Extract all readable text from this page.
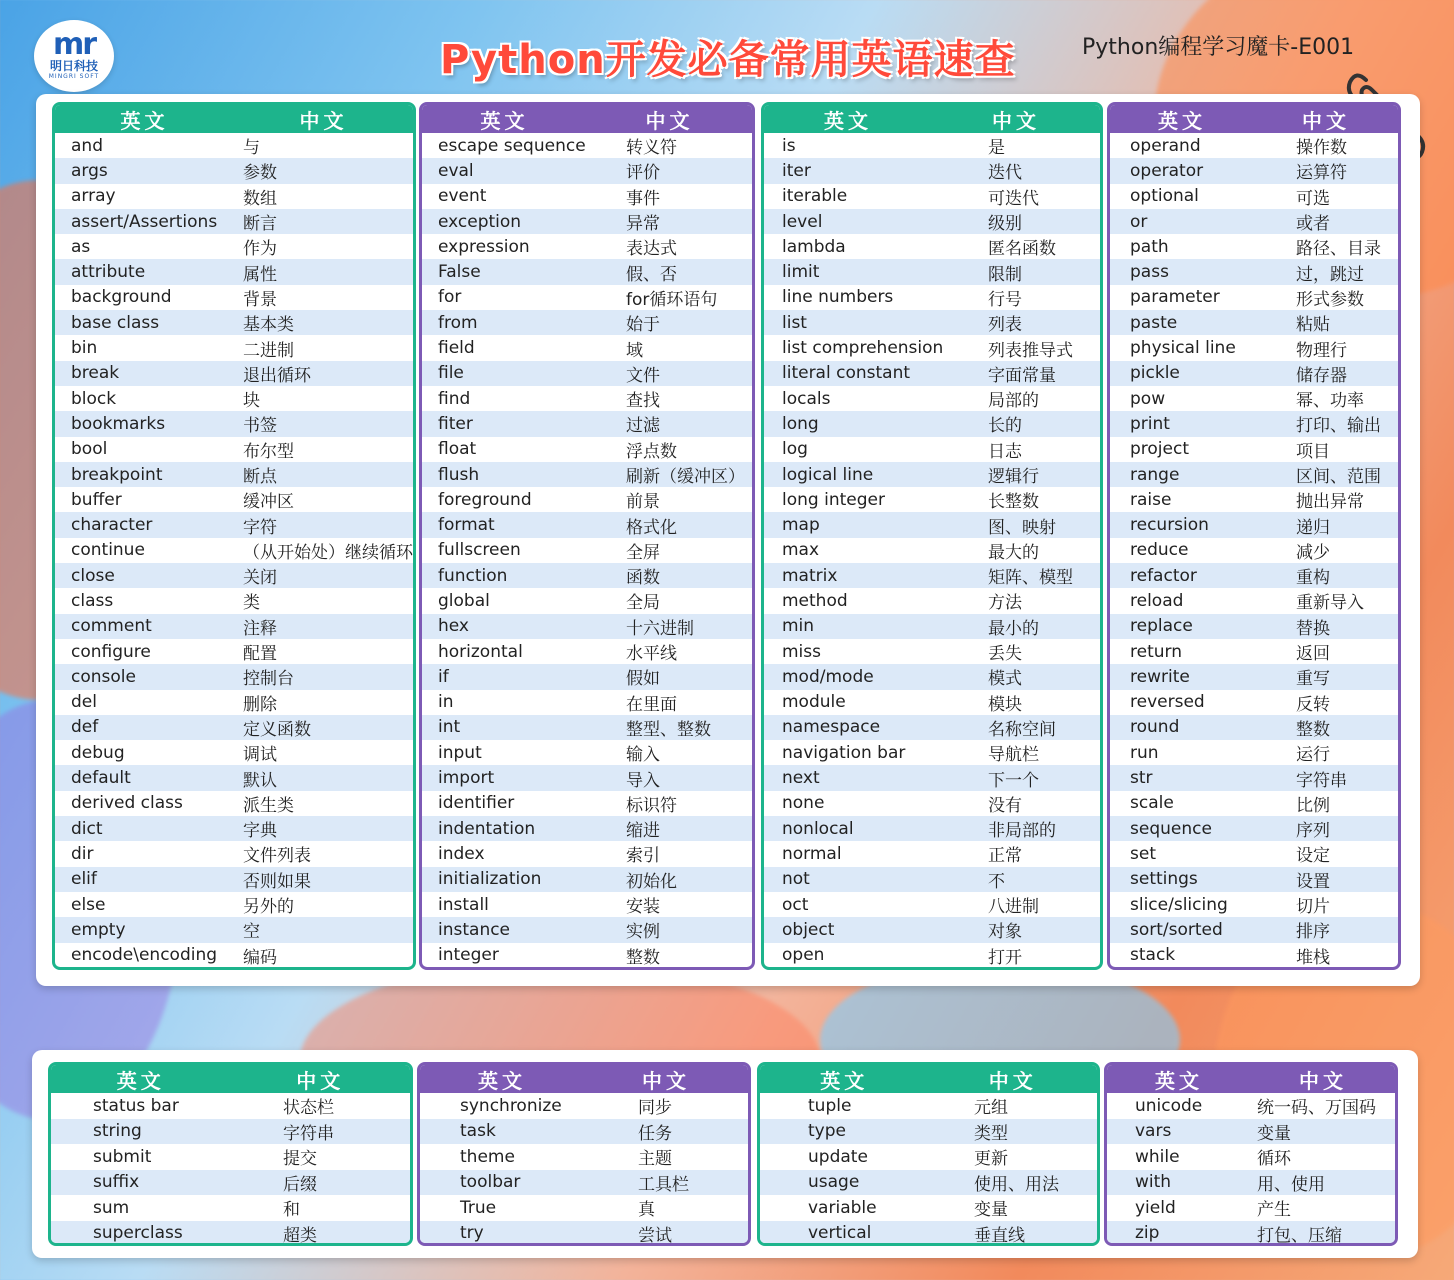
mr
明日科技
MINGRI SOFT	Python开发必备常用英语速查	Python编程学习魔卡-E001
英文	中文
and	与
args	参数
array	数组
assert/Assertions	断言
as	作为
attribute	属性
background	背景
base class	基本类
bin	二进制
break	退出循环
block	块
bookmarks	书签
bool	布尔型
breakpoint	断点
buffer	缓冲区
character	字符
continue	（从开始处）继续循环
close	关闭
class	类
comment	注释
configure	配置
console	控制台
del	删除
def	定义函数
debug	调试
default	默认
derived class	派生类
dict	字典
dir	文件列表
elif	否则如果
else	另外的
empty	空
encode\encoding	编码
英文	中文
escape sequence	转义符
eval	评价
event	事件
exception	异常
expression	表达式
False	假、否
for	for循环语句
from	始于
field	域
file	文件
find	查找
fiter	过滤
float	浮点数
flush	刷新（缓冲区）
foreground	前景
format	格式化
fullscreen	全屏
function	函数
global	全局
hex	十六进制
horizontal	水平线
if	假如
in	在里面
int	整型、整数
input	输入
import	导入
identifier	标识符
indentation	缩进
index	索引
initialization	初始化
install	安装
instance	实例
integer	整数
英文	中文
is	是
iter	迭代
iterable	可迭代
level	级别
lambda	匿名函数
limit	限制
line numbers	行号
list	列表
list comprehension	列表推导式
literal constant	字面常量
locals	局部的
long	长的
log	日志
logical line	逻辑行
long integer	长整数
map	图、映射
max	最大的
matrix	矩阵、模型
method	方法
min	最小的
miss	丢失
mod/mode	模式
module	模块
namespace	名称空间
navigation bar	导航栏
next	下一个
none	没有
nonlocal	非局部的
normal	正常
not	不
oct	八进制
object	对象
open	打开
英文	中文
operand	操作数
operator	运算符
optional	可选
or	或者
path	路径、目录
pass	过，跳过
parameter	形式参数
paste	粘贴
physical line	物理行
pickle	储存器
pow	幂、功率
print	打印、输出
project	项目
range	区间、范围
raise	抛出异常
recursion	递归
reduce	减少
refactor	重构
reload	重新导入
replace	替换
return	返回
rewrite	重写
reversed	反转
round	整数
run	运行
str	字符串
scale	比例
sequence	序列
set	设定
settings	设置
slice/slicing	切片
sort/sorted	排序
stack	堆栈
英文	中文
status bar	状态栏
string	字符串
submit	提交
suffix	后缀
sum	和
superclass	超类
英文	中文
synchronize	同步
task	任务
theme	主题
toolbar	工具栏
True	真
try	尝试
英文	中文
tuple	元组
type	类型
update	更新
usage	使用、用法
variable	变量
vertical	垂直线
英文	中文
unicode	统一码、万国码
vars	变量
while	循环
with	用、使用
yield	产生
zip	打包、压缩
